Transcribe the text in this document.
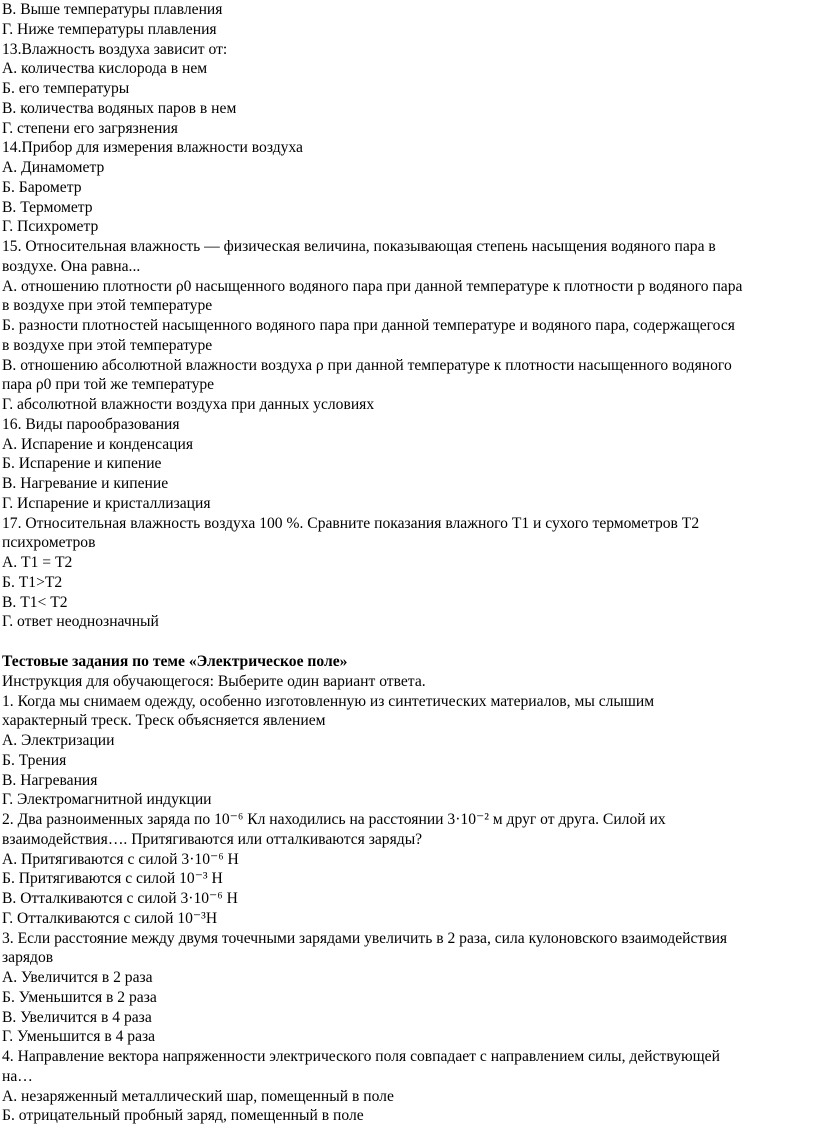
В. Выше температуры плавления
Г. Ниже температуры плавления
13.Влажность воздуха зависит от:
А. количества кислорода в нем
Б. его температуры
В. количества водяных паров в нем
Г. степени его загрязнения
14.Прибор для измерения влажности воздуха
А. Динамометр
Б. Барометр
В. Термометр
Г. Психрометр
15. Относительная влажность — физическая величина, показывающая степень насыщения водяного пара в
воздухе. Она равна...
А. отношению плотности ρ0 насыщенного водяного пара при данной температуре к плотности р водяного пара
в воздухе при этой температуре
Б. разности плотностей насыщенного водяного пара при данной температуре и водяного пара, содержащегося
в воздухе при этой температуре
В. отношению абсолютной влажности воздуха ρ при данной температуре к плотности насыщенного водяного
пара ρ0 при той же температуре
Г. абсолютной влажности воздуха при данных условиях
16. Виды парообразования
А. Испарение и конденсация
Б. Испарение и кипение
В. Нагревание и кипение
Г. Испарение и кристаллизация
17. Относительная влажность воздуха 100 %. Сравните показания влажного Т1 и сухого термометров Т2
психрометров
А. Т1 = Т2
Б. Т1>Т2
В. Т1< Т2
Г. ответ неоднозначный
Тестовые задания по теме «Электрическое поле»
Инструкция для обучающегося: Выберите один вариант ответа.
1. Когда мы снимаем одежду, особенно изготовленную из синтетических материалов, мы слышим
характерный треск. Треск объясняется явлением
А. Электризации
Б. Трения
В. Нагревания
Г. Электромагнитной индукции
2. Два разноименных заряда по 10⁻⁶ Кл находились на расстоянии 3·10⁻² м друг от друга. Силой их
взаимодействия…. Притягиваются или отталкиваются заряды?
А. Притягиваются с силой 3·10⁻⁶ Н
Б. Притягиваются с силой 10⁻³ Н
В. Отталкиваются с силой 3·10⁻⁶ Н
Г. Отталкиваются с силой 10⁻³Н
3. Если расстояние между двумя точечными зарядами увеличить в 2 раза, сила кулоновского взаимодействия
зарядов
А. Увеличится в 2 раза
Б. Уменьшится в 2 раза
В. Увеличится в 4 раза
Г. Уменьшится в 4 раза
4. Направление вектора напряженности электрического поля совпадает с направлением силы, действующей
на…
А. незаряженный металлический шар, помещенный в поле
Б. отрицательный пробный заряд, помещенный в поле
